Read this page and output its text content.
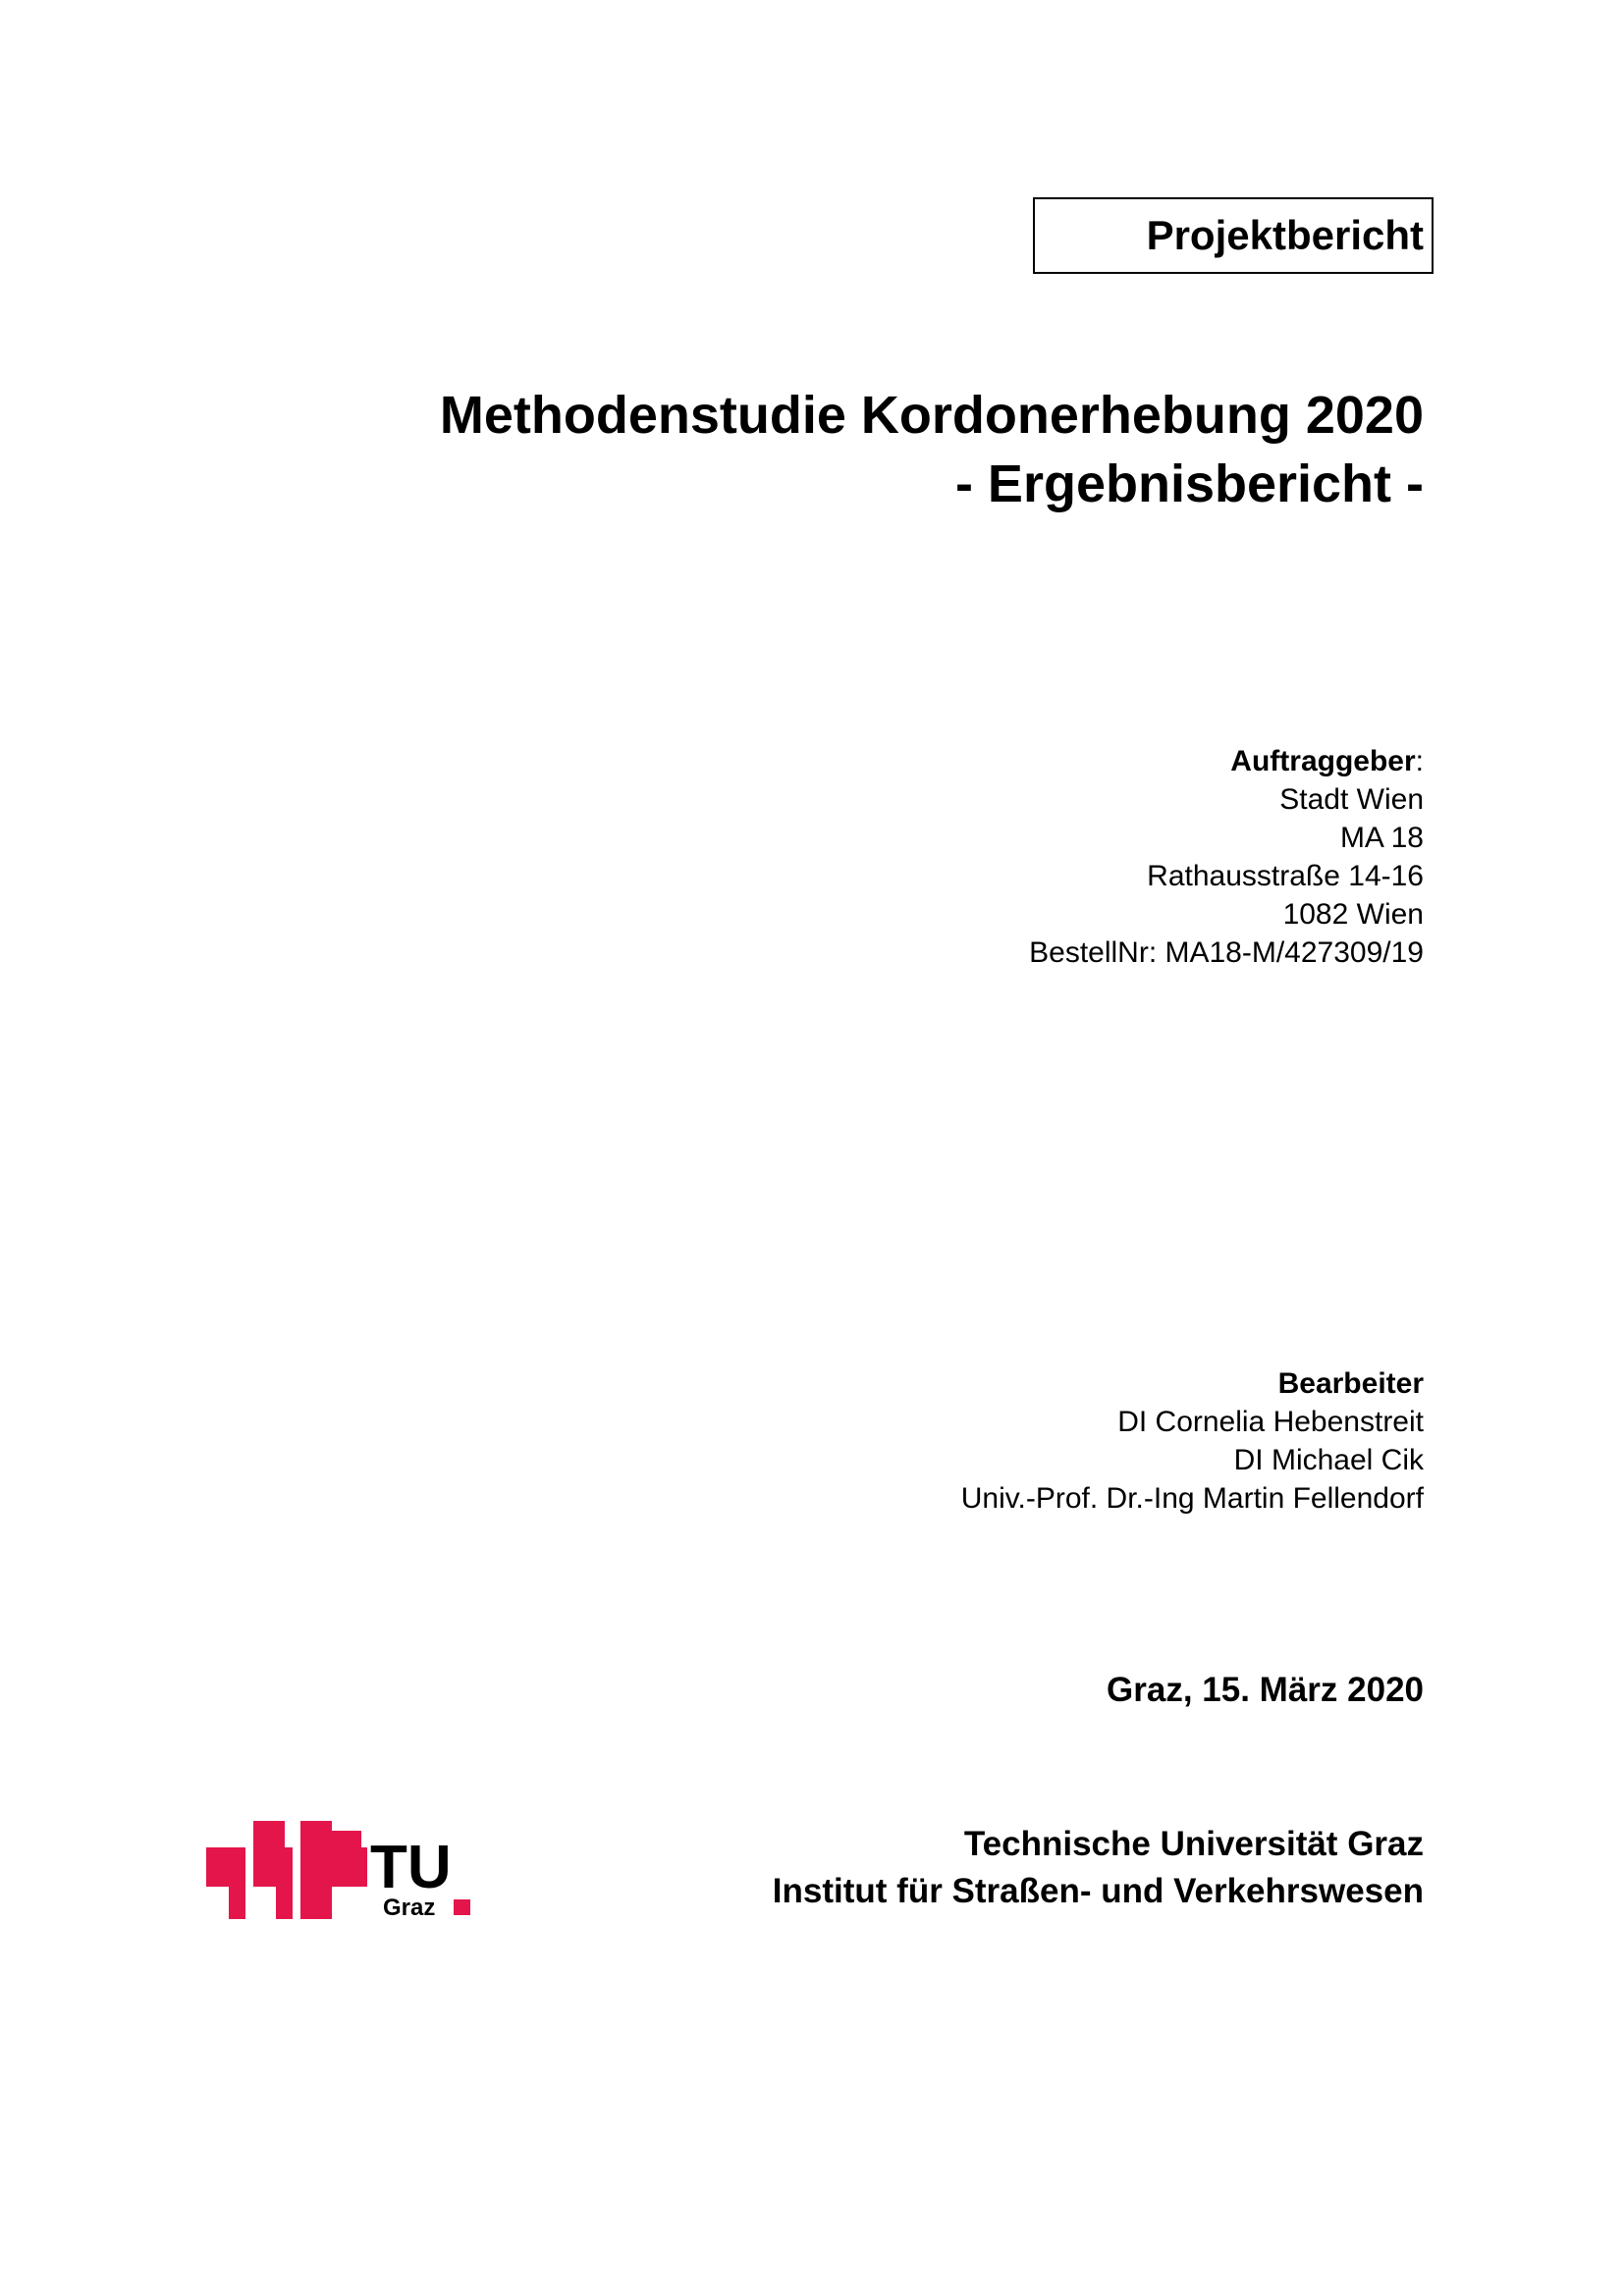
Projektbericht
Methodenstudie Kordonerhebung 2020
- Ergebnisbericht -
Auftraggeber:
Stadt Wien
MA 18
Rathausstraße 14-16
1082 Wien
BestellNr: MA18-M/427309/19
Bearbeiter
DI Cornelia Hebenstreit
DI Michael Cik
Univ.-Prof. Dr.-Ing Martin Fellendorf
Graz, 15. März 2020
TU
Graz
Technische Universität Graz
Institut für Straßen- und Verkehrswesen
